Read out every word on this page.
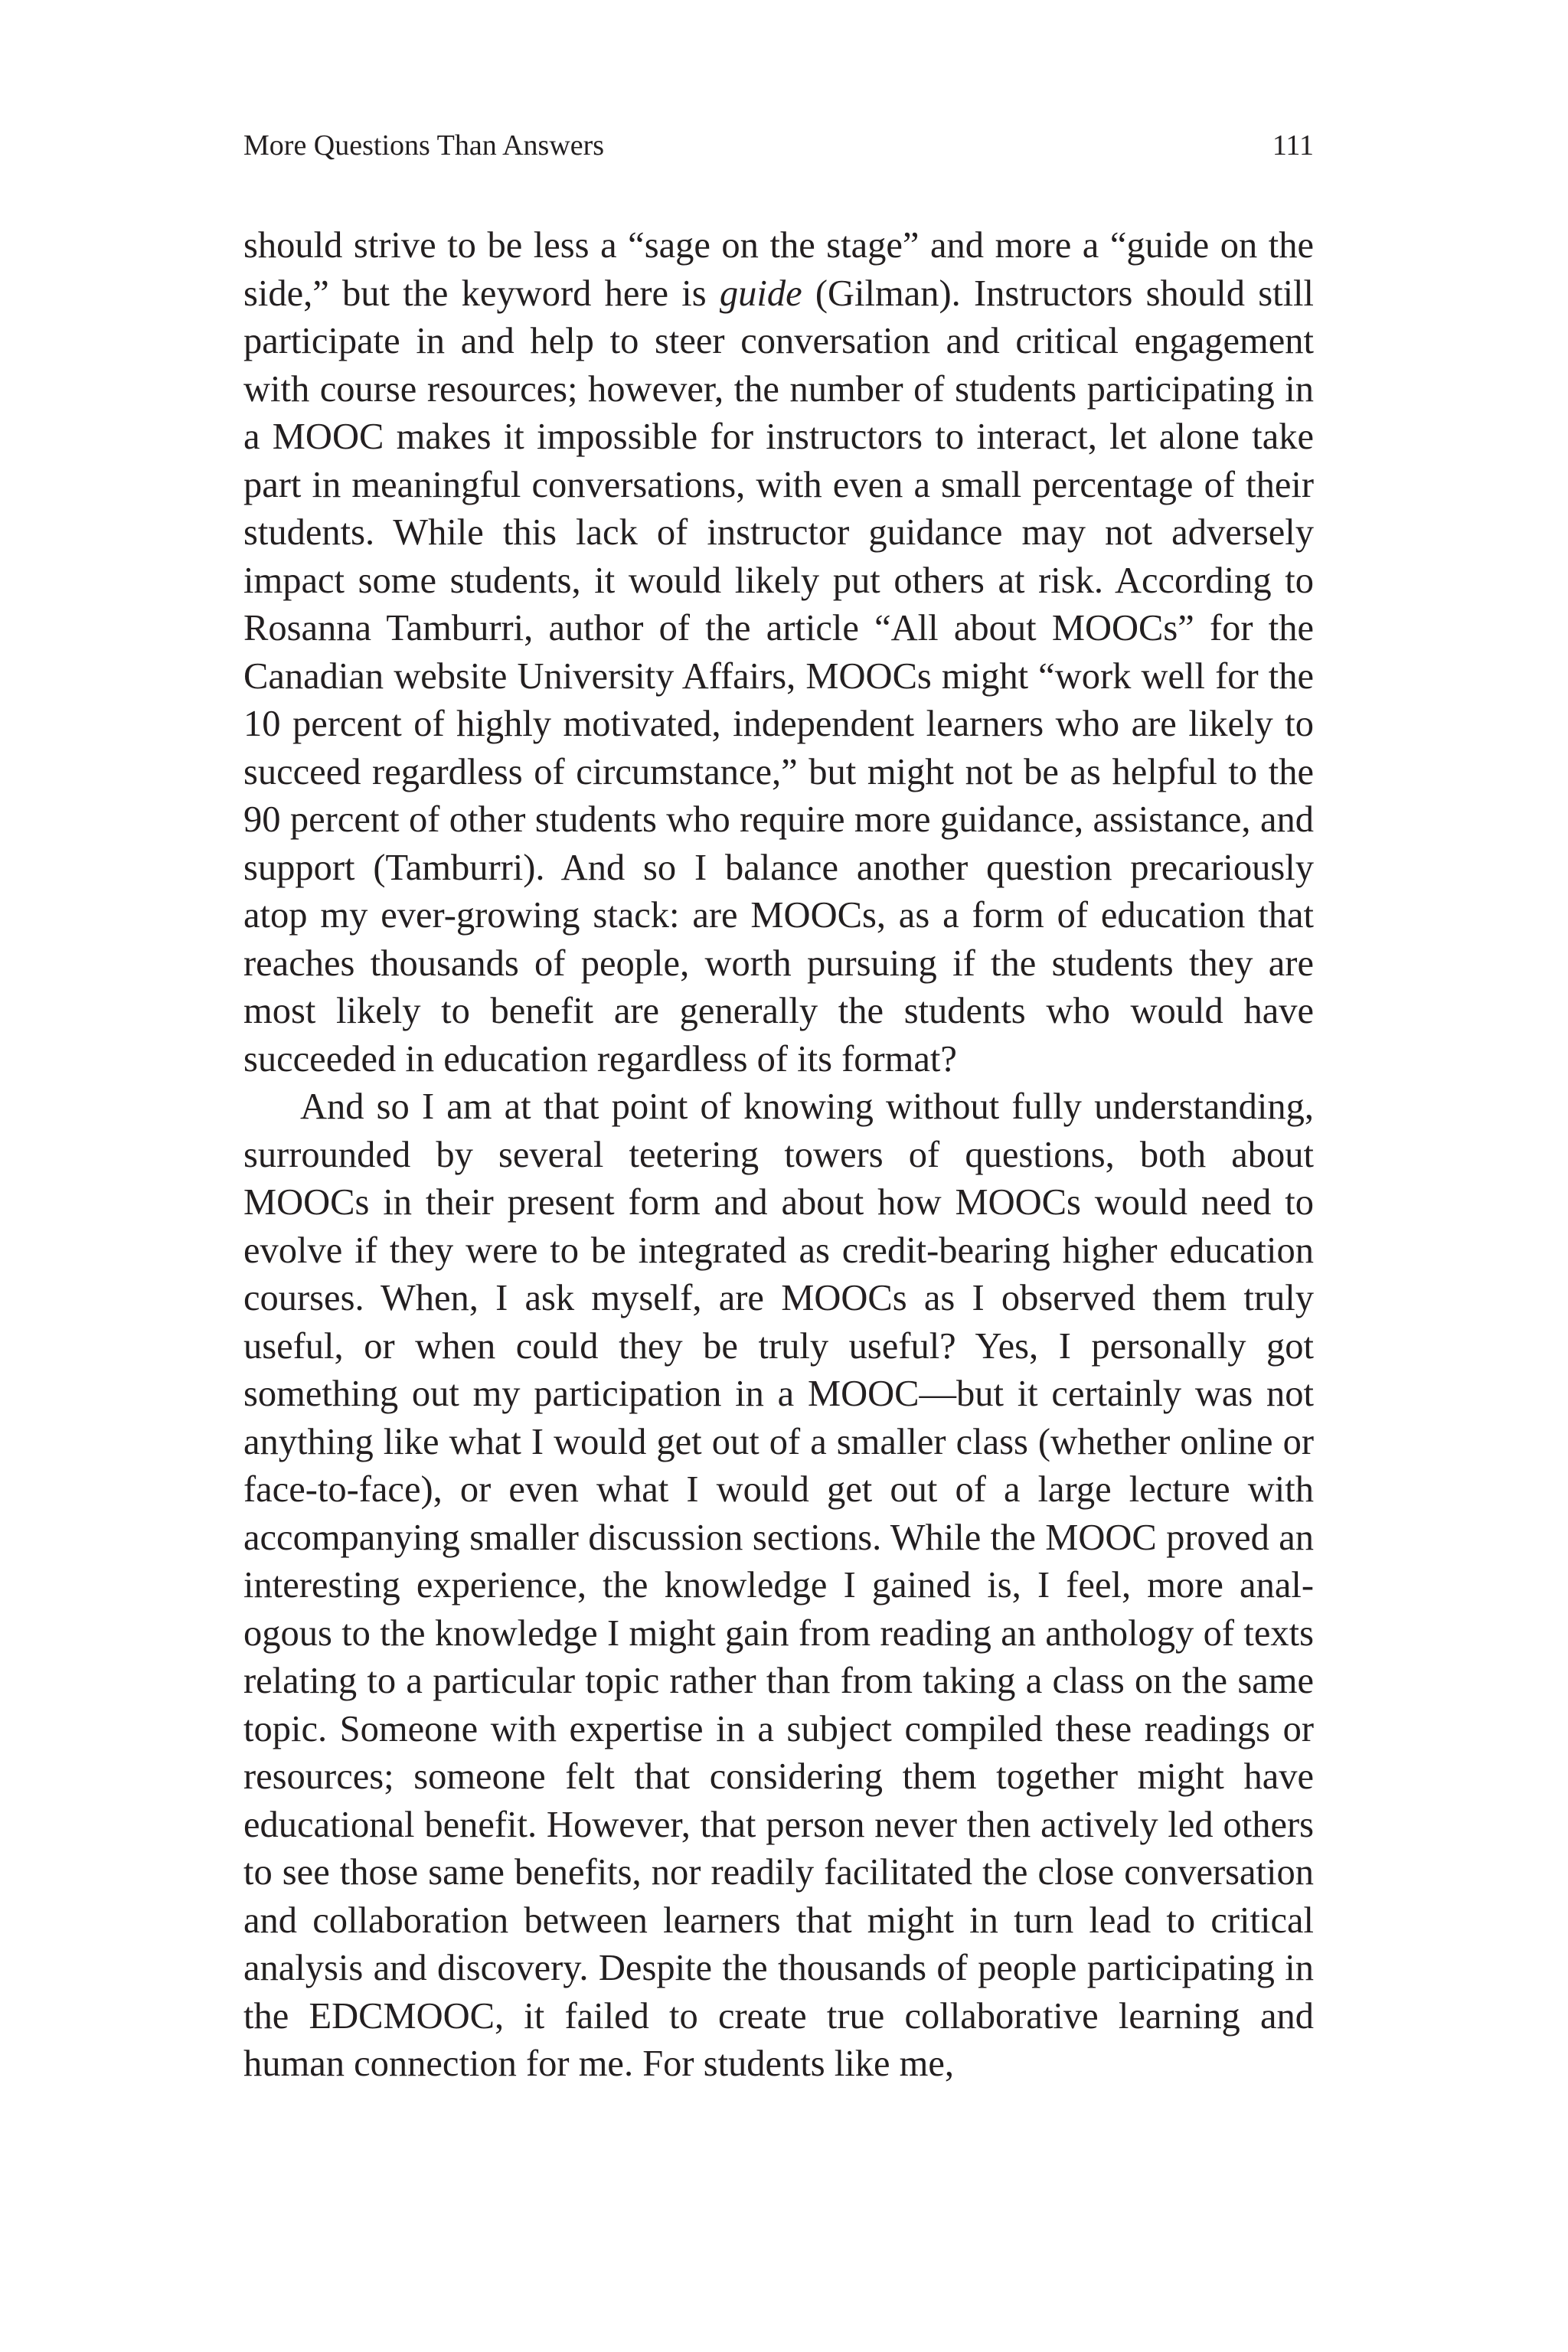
More Questions Than Answers	111

should strive to be less a “sage on the stage” and more a “guide on the side,” but the keyword here is guide (Gilman). Instructors should still participate in and help to steer conversation and critical engagement with course resources; however, the number of students participating in a MOOC makes it impossible for instructors to interact, let alone take part in meaningful conversations, with even a small percentage of their students. While this lack of instructor guidance may not adversely impact some students, it would likely put others at risk. According to Rosanna Tamburri, author of the article “All about MOOCs” for the Canadian website University Affairs, MOOCs might “work well for the 10 percent of highly motivated, independent learners who are likely to succeed regardless of circumstance,” but might not be as helpful to the 90 percent of other students who require more guidance, assistance, and support (Tamburri). And so I balance another question precariously atop my ever-growing stack: are MOOCs, as a form of education that reaches thousands of people, worth pursuing if the students they are most likely to benefit are generally the students who would have succeeded in education regardless of its format?

And so I am at that point of knowing without fully understanding, surrounded by several teetering towers of questions, both about MOOCs in their present form and about how MOOCs would need to evolve if they were to be integrated as credit-bearing higher education courses. When, I ask myself, are MOOCs as I observed them truly useful, or when could they be truly useful? Yes, I personally got something out my participation in a MOOC—but it certainly was not anything like what I would get out of a smaller class (whether online or face-to-face), or even what I would get out of a large lecture with accompanying smaller discussion sections. While the MOOC proved an interesting experience, the knowledge I gained is, I feel, more analogous to the knowledge I might gain from reading an anthology of texts relating to a particular topic rather than from taking a class on the same topic. Someone with expertise in a subject compiled these readings or resources; someone felt that considering them together might have educational benefit. However, that person never then actively led others to see those same benefits, nor readily facilitated the close conversation and collaboration between learners that might in turn lead to critical analysis and discovery. Despite the thousands of people participating in the EDCMOOC, it failed to create true collaborative learning and human connection for me. For students like me,
